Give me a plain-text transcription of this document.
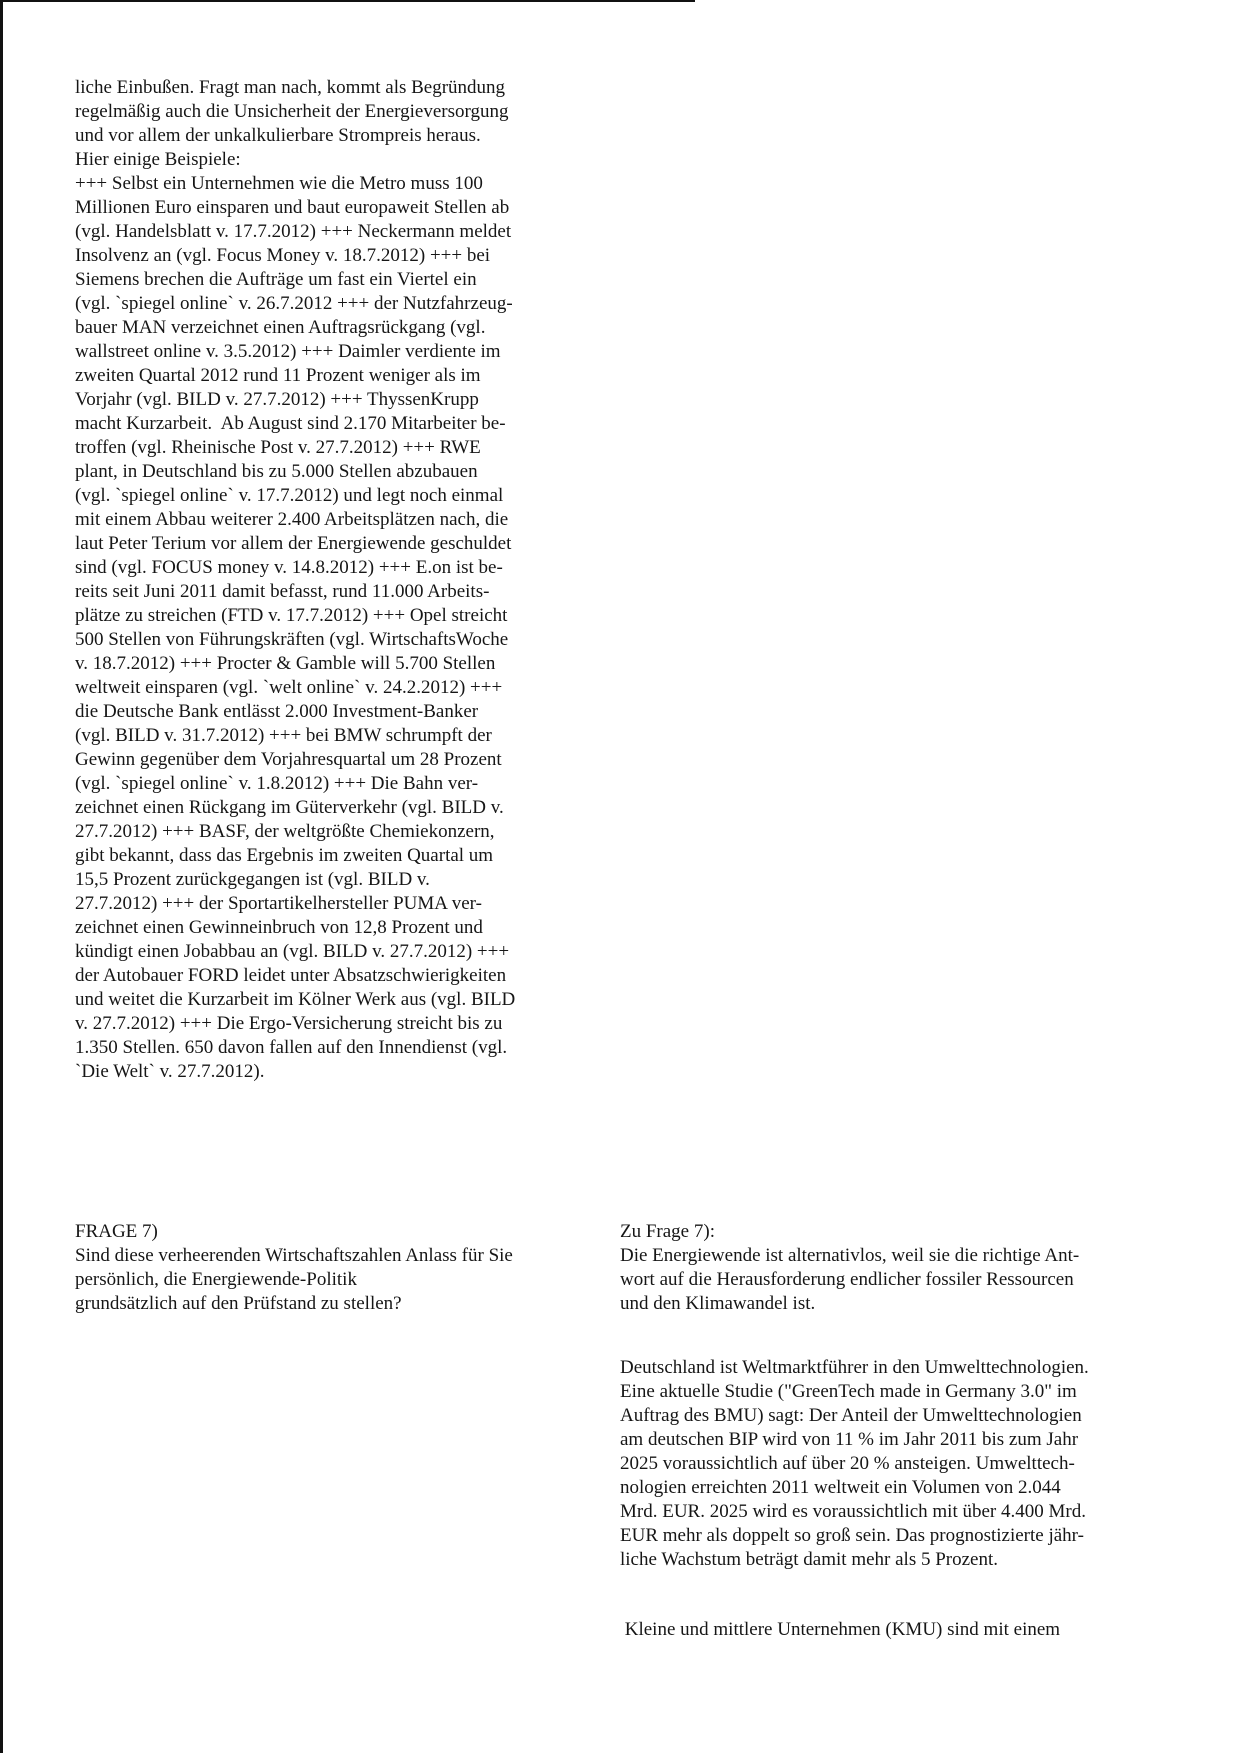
liche Einbußen. Fragt man nach, kommt als Begründung
regelmäßig auch die Unsicherheit der Energieversorgung
und vor allem der unkalkulierbare Strompreis heraus.
Hier einige Beispiele:
+++ Selbst ein Unternehmen wie die Metro muss 100
Millionen Euro einsparen und baut europaweit Stellen ab
(vgl. Handelsblatt v. 17.7.2012) +++ Neckermann meldet
Insolvenz an (vgl. Focus Money v. 18.7.2012) +++ bei
Siemens brechen die Aufträge um fast ein Viertel ein
(vgl. `spiegel online` v. 26.7.2012 +++ der Nutzfahrzeug-
bauer MAN verzeichnet einen Auftragsrückgang (vgl.
wallstreet online v. 3.5.2012) +++ Daimler verdiente im
zweiten Quartal 2012 rund 11 Prozent weniger als im
Vorjahr (vgl. BILD v. 27.7.2012) +++ ThyssenKrupp
macht Kurzarbeit.  Ab August sind 2.170 Mitarbeiter be-
troffen (vgl. Rheinische Post v. 27.7.2012) +++ RWE
plant, in Deutschland bis zu 5.000 Stellen abzubauen
(vgl. `spiegel online` v. 17.7.2012) und legt noch einmal
mit einem Abbau weiterer 2.400 Arbeitsplätzen nach, die
laut Peter Terium vor allem der Energiewende geschuldet
sind (vgl. FOCUS money v. 14.8.2012) +++ E.on ist be-
reits seit Juni 2011 damit befasst, rund 11.000 Arbeits-
plätze zu streichen (FTD v. 17.7.2012) +++ Opel streicht
500 Stellen von Führungskräften (vgl. WirtschaftsWoche
v. 18.7.2012) +++ Procter & Gamble will 5.700 Stellen
weltweit einsparen (vgl. `welt online` v. 24.2.2012) +++
die Deutsche Bank entlässt 2.000 Investment-Banker
(vgl. BILD v. 31.7.2012) +++ bei BMW schrumpft der
Gewinn gegenüber dem Vorjahresquartal um 28 Prozent
(vgl. `spiegel online` v. 1.8.2012) +++ Die Bahn ver-
zeichnet einen Rückgang im Güterverkehr (vgl. BILD v.
27.7.2012) +++ BASF, der weltgrößte Chemiekonzern,
gibt bekannt, dass das Ergebnis im zweiten Quartal um
15,5 Prozent zurückgegangen ist (vgl. BILD v.
27.7.2012) +++ der Sportartikelhersteller PUMA ver-
zeichnet einen Gewinneinbruch von 12,8 Prozent und
kündigt einen Jobabbau an (vgl. BILD v. 27.7.2012) +++
der Autobauer FORD leidet unter Absatzschwierigkeiten
und weitet die Kurzarbeit im Kölner Werk aus (vgl. BILD
v. 27.7.2012) +++ Die Ergo-Versicherung streicht bis zu
1.350 Stellen. 650 davon fallen auf den Innendienst (vgl.
`Die Welt` v. 27.7.2012).
FRAGE 7)
Sind diese verheerenden Wirtschaftszahlen Anlass für Sie
persönlich, die Energiewende-Politik
grundsätzlich auf den Prüfstand zu stellen?
Zu Frage 7):
Die Energiewende ist alternativlos, weil sie die richtige Ant-
wort auf die Herausforderung endlicher fossiler Ressourcen
und den Klimawandel ist.
Deutschland ist Weltmarktführer in den Umwelttechnologien.
Eine aktuelle Studie ("GreenTech made in Germany 3.0" im
Auftrag des BMU) sagt: Der Anteil der Umwelttechnologien
am deutschen BIP wird von 11 % im Jahr 2011 bis zum Jahr
2025 voraussichtlich auf über 20 % ansteigen. Umwelttech-
nologien erreichten 2011 weltweit ein Volumen von 2.044
Mrd. EUR. 2025 wird es voraussichtlich mit über 4.400 Mrd.
EUR mehr als doppelt so groß sein. Das prognostizierte jähr-
liche Wachstum beträgt damit mehr als 5 Prozent.
Kleine und mittlere Unternehmen (KMU) sind mit einem
